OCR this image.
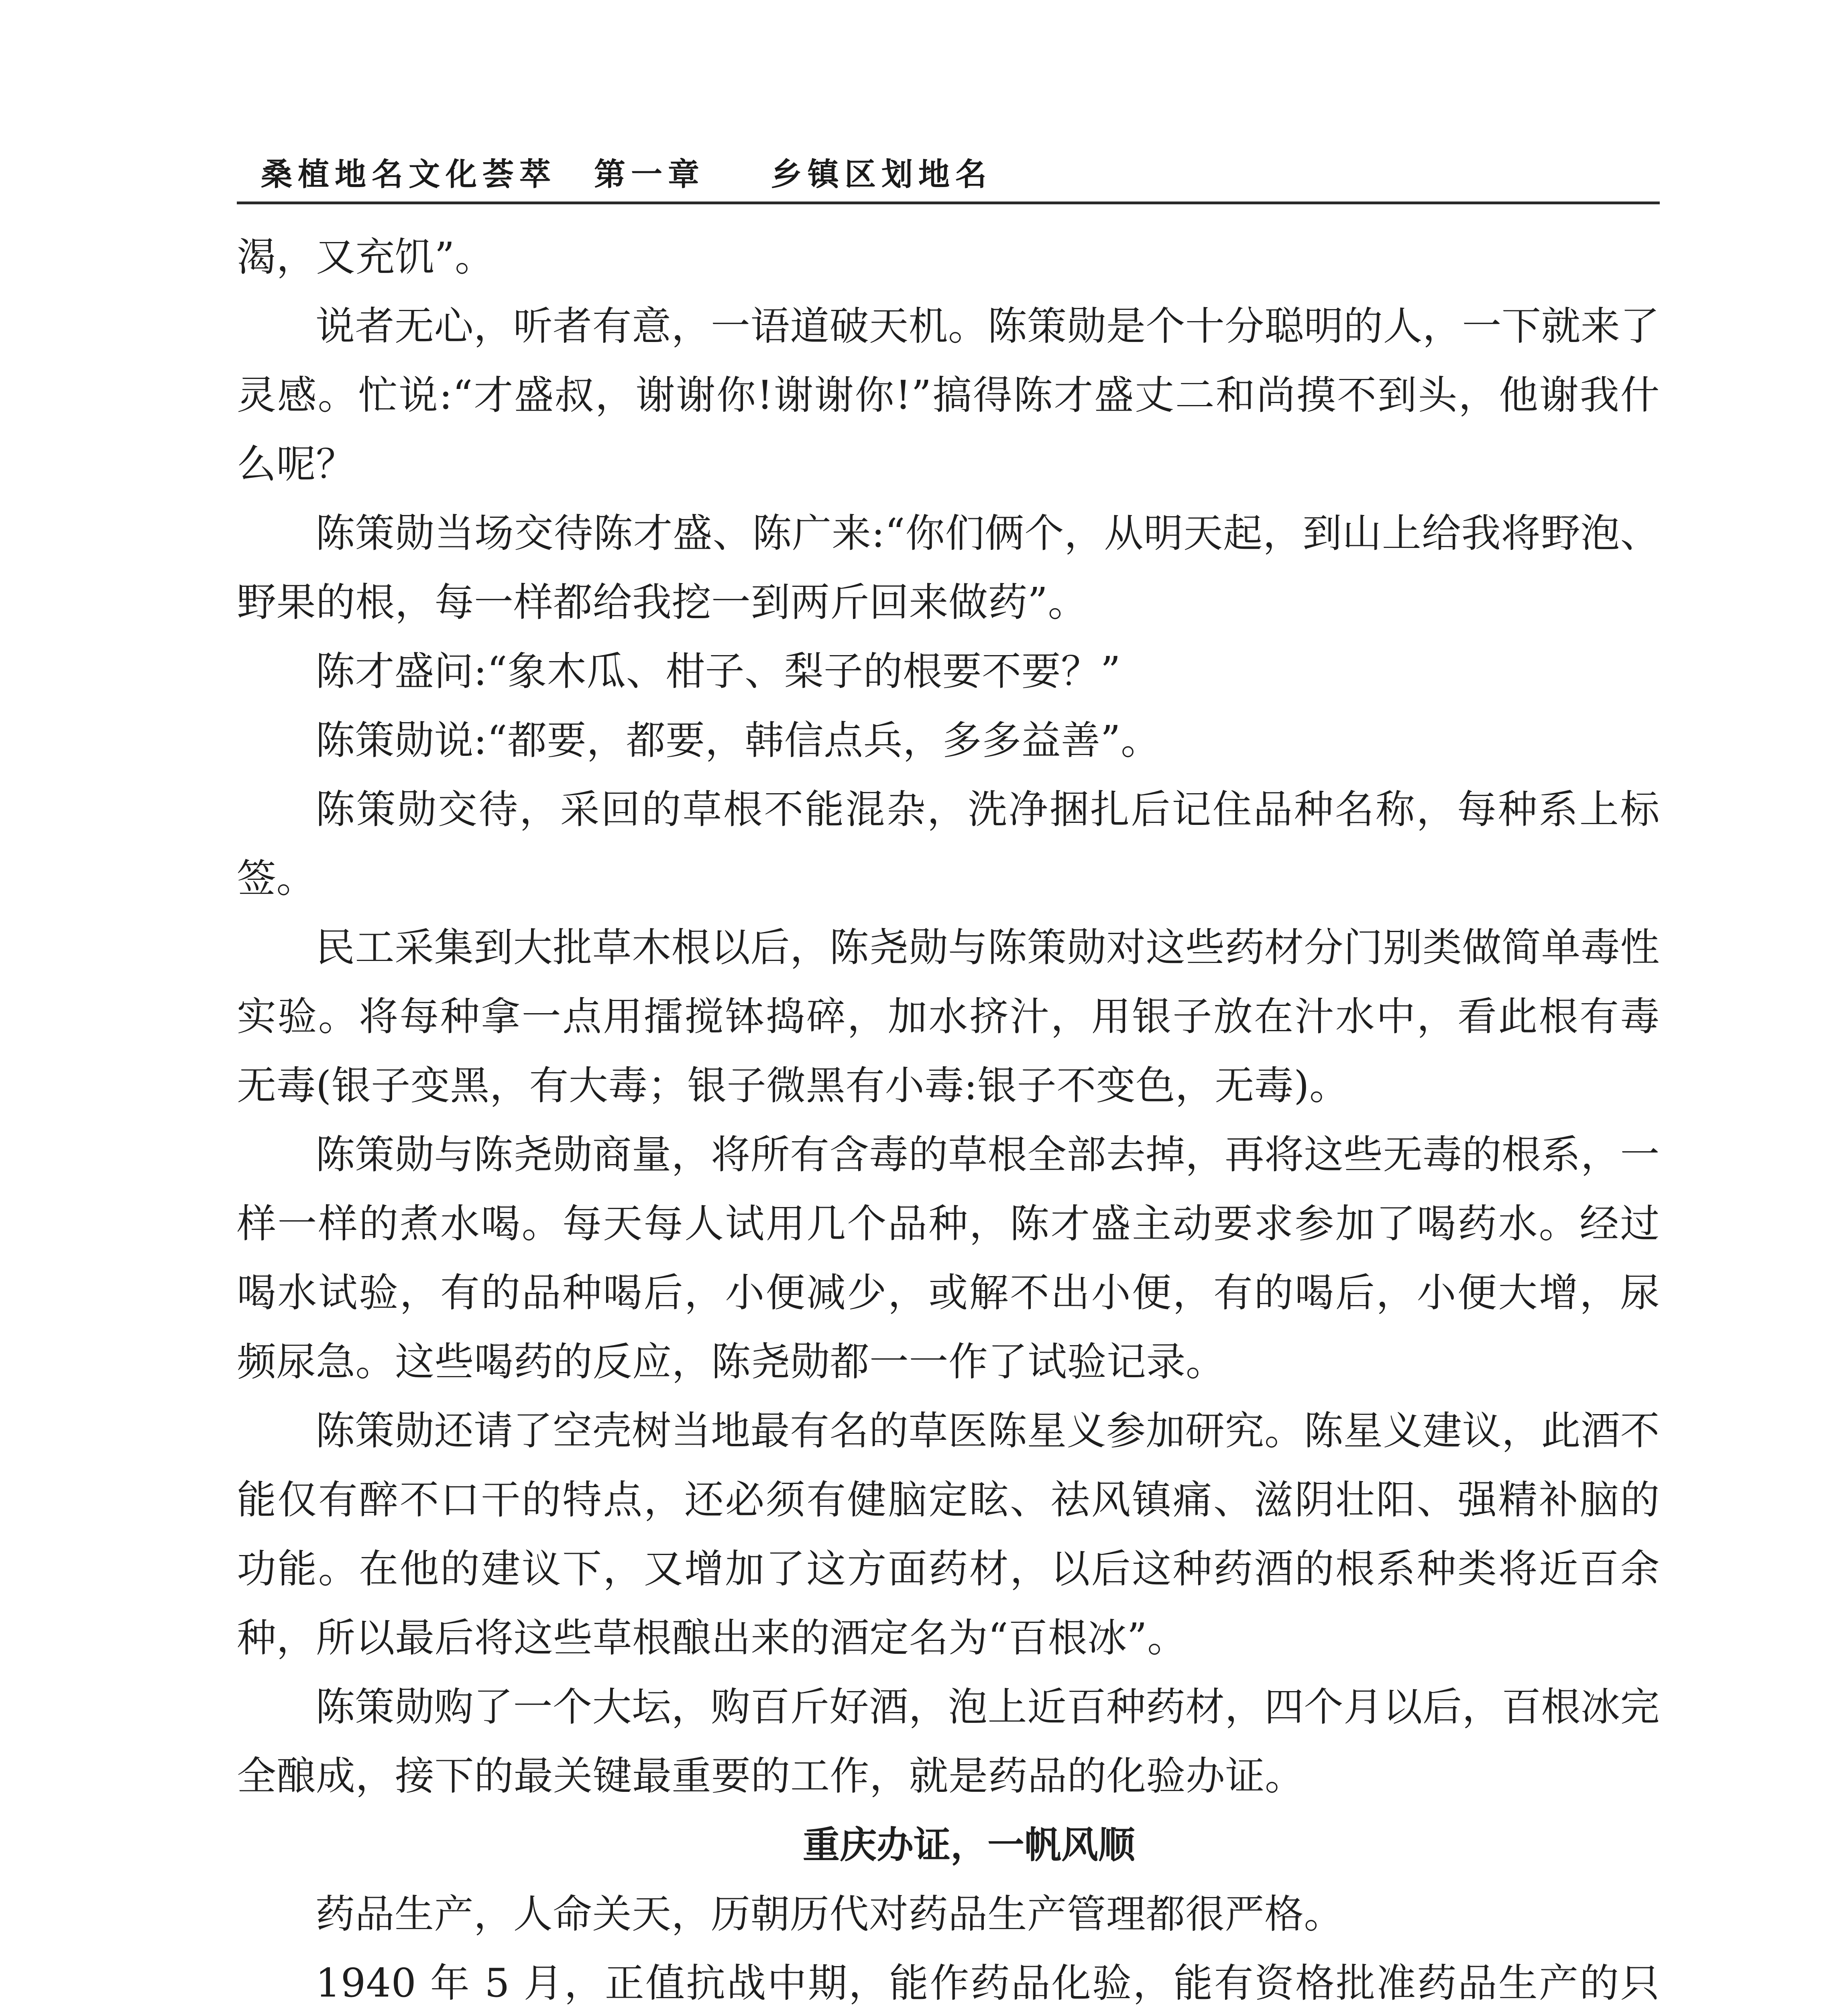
桑植地名文化荟萃 第一章 乡镇区划地名

渴，又充饥”。

说者无心，听者有意，一语道破天机。陈策勋是个十分聪明的人，一下就来了灵感。忙说:“才盛叔，谢谢你!谢谢你!”搞得陈才盛丈二和尚摸不到头，他谢我什么呢？

陈策勋当场交待陈才盛、陈广来:“你们俩个，从明天起，到山上给我将野泡、野果的根，每一样都给我挖一到两斤回来做药”。

陈才盛问:“象木瓜、柑子、梨子的根要不要？”

陈策勋说:“都要，都要，韩信点兵，多多益善”。

陈策勋交待，采回的草根不能混杂，洗净捆扎后记住品种名称，每种系上标签。

民工采集到大批草木根以后，陈尧勋与陈策勋对这些药材分门别类做简单毒性实验。将每种拿一点用擂搅钵捣碎，加水挤汁，用银子放在汁水中，看此根有毒无毒(银子变黑，有大毒；银子微黑有小毒:银子不变色，无毒)。

陈策勋与陈尧勋商量，将所有含毒的草根全部去掉，再将这些无毒的根系，一样一样的煮水喝。每天每人试用几个品种，陈才盛主动要求参加了喝药水。经过喝水试验，有的品种喝后，小便减少，或解不出小便，有的喝后，小便大增，尿频尿急。这些喝药的反应，陈尧勋都一一作了试验记录。

陈策勋还请了空壳树当地最有名的草医陈星义参加研究。陈星义建议，此酒不能仅有醉不口干的特点，还必须有健脑定眩、祛风镇痛、滋阴壮阳、强精补脑的功能。在他的建议下，又增加了这方面药材，以后这种药酒的根系种类将近百余种，所以最后将这些草根酿出来的酒定名为“百根冰”。

陈策勋购了一个大坛，购百斤好酒，泡上近百种药材，四个月以后，百根冰完全酿成，接下的最关键最重要的工作，就是药品的化验办证。

重庆办证，一帆风顺

药品生产，人命关天，历朝历代对药品生产管理都很严格。

1940 年 5 月，正值抗战中期，能作药品化验，能有资格批准药品生产的只
